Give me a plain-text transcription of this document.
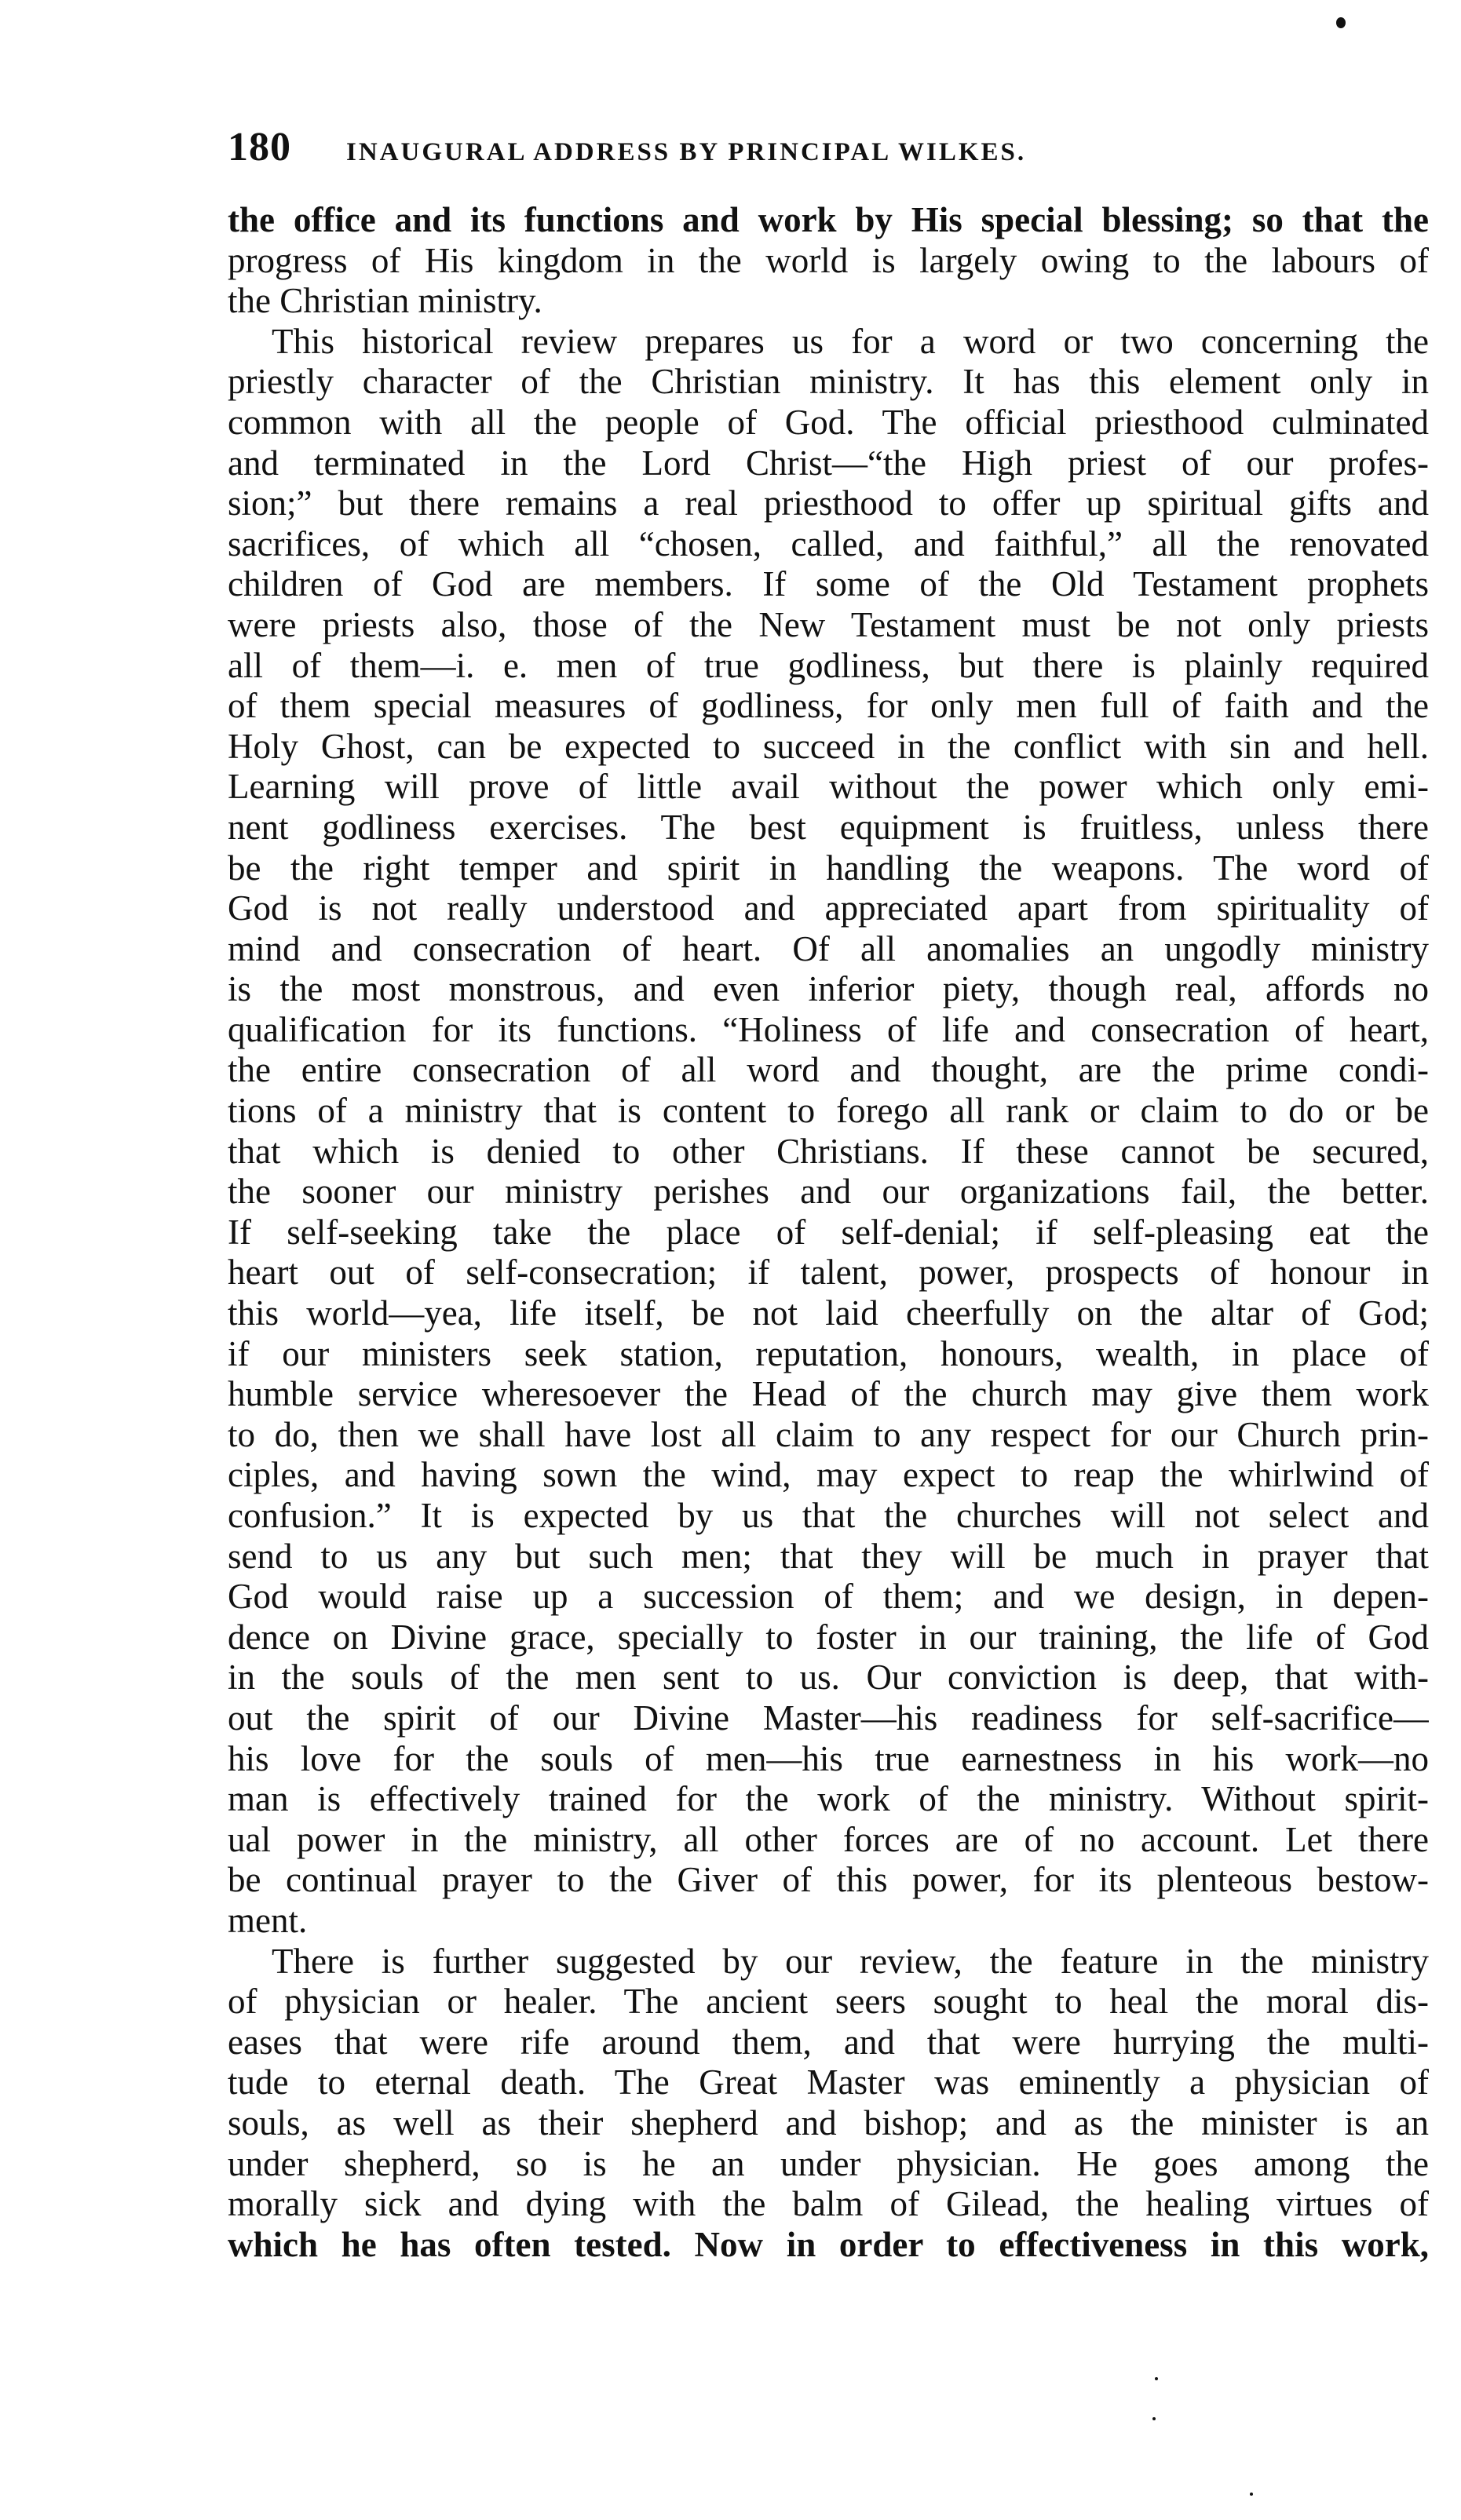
180 INAUGURAL ADDRESS BY PRINCIPAL WILKES.
the office and its functions and work by His special blessing; so that the
progress of His kingdom in the world is largely owing to the labours of
the Christian ministry.
This historical review prepares us for a word or two concerning the
priestly character of the Christian ministry. It has this element only in
common with all the people of God. The official priesthood culminated
and terminated in the Lord Christ—“the High priest of our profes-
sion;” but there remains a real priesthood to offer up spiritual gifts and
sacrifices, of which all “chosen, called, and faithful,” all the renovated
children of God are members. If some of the Old Testament prophets
were priests also, those of the New Testament must be not only priests
all of them—i. e. men of true godliness, but there is plainly required
of them special measures of godliness, for only men full of faith and the
Holy Ghost, can be expected to succeed in the conflict with sin and hell.
Learning will prove of little avail without the power which only emi-
nent godliness exercises. The best equipment is fruitless, unless there
be the right temper and spirit in handling the weapons. The word of
God is not really understood and appreciated apart from spirituality of
mind and consecration of heart. Of all anomalies an ungodly ministry
is the most monstrous, and even inferior piety, though real, affords no
qualification for its functions. “Holiness of life and consecration of heart,
the entire consecration of all word and thought, are the prime condi-
tions of a ministry that is content to forego all rank or claim to do or be
that which is denied to other Christians. If these cannot be secured,
the sooner our ministry perishes and our organizations fail, the better.
If self-seeking take the place of self-denial; if self-pleasing eat the
heart out of self-consecration; if talent, power, prospects of honour in
this world—yea, life itself, be not laid cheerfully on the altar of God;
if our ministers seek station, reputation, honours, wealth, in place of
humble service wheresoever the Head of the church may give them work
to do, then we shall have lost all claim to any respect for our Church prin-
ciples, and having sown the wind, may expect to reap the whirlwind of
confusion.” It is expected by us that the churches will not select and
send to us any but such men; that they will be much in prayer that
God would raise up a succession of them; and we design, in depen-
dence on Divine grace, specially to foster in our training, the life of God
in the souls of the men sent to us. Our conviction is deep, that with-
out the spirit of our Divine Master—his readiness for self-sacrifice—
his love for the souls of men—his true earnestness in his work—no
man is effectively trained for the work of the ministry. Without spirit-
ual power in the ministry, all other forces are of no account. Let there
be continual prayer to the Giver of this power, for its plenteous bestow-
ment.
There is further suggested by our review, the feature in the ministry
of physician or healer. The ancient seers sought to heal the moral dis-
eases that were rife around them, and that were hurrying the multi-
tude to eternal death. The Great Master was eminently a physician of
souls, as well as their shepherd and bishop; and as the minister is an
under shepherd, so is he an under physician. He goes among the
morally sick and dying with the balm of Gilead, the healing virtues of
which he has often tested. Now in order to effectiveness in this work,
